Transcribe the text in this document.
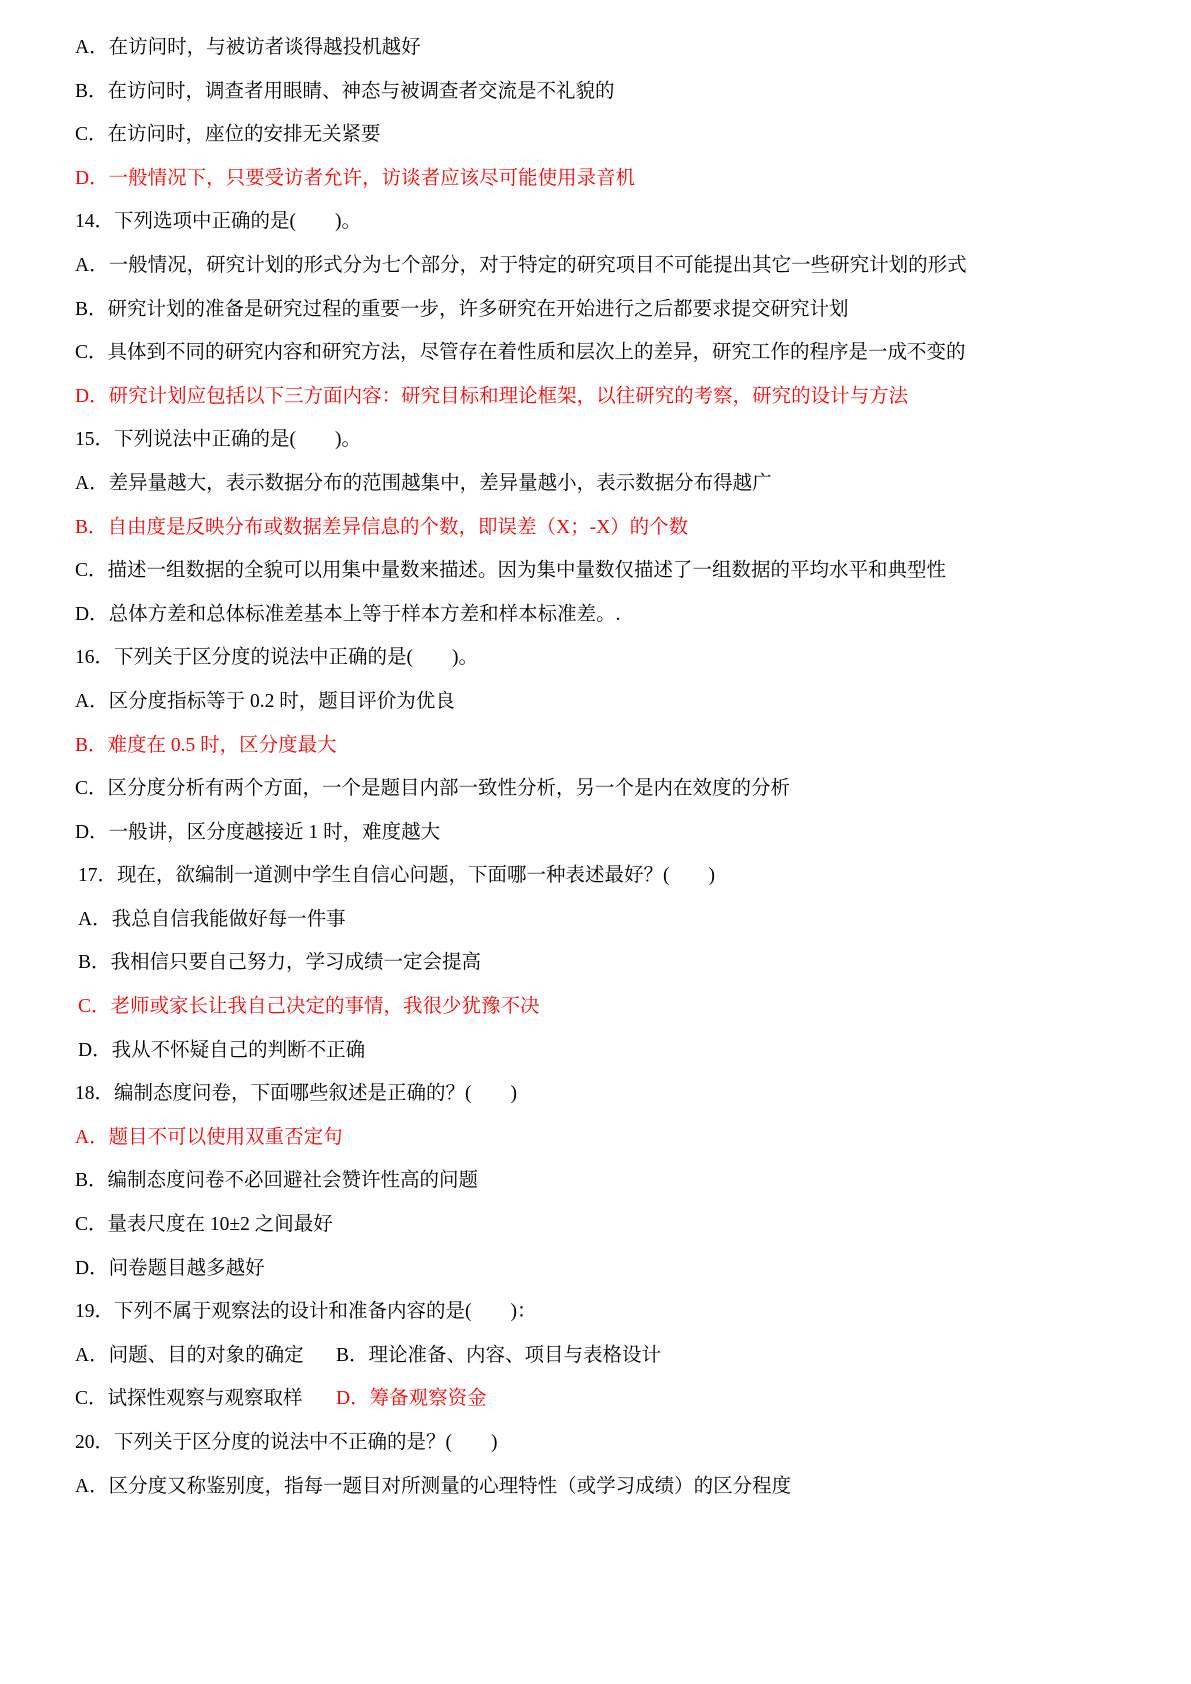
A．在访问时，与被访者谈得越投机越好
B．在访问时，调查者用眼睛、神态与被调查者交流是不礼貌的
C．在访问时，座位的安排无关紧要
D．一般情况下，只要受访者允许，访谈者应该尽可能使用录音机
14．下列选项中正确的是(　　)。
A．一般情况，研究计划的形式分为七个部分，对于特定的研究项目不可能提出其它一些研究计划的形式
B．研究计划的准备是研究过程的重要一步，许多研究在开始进行之后都要求提交研究计划
C．具体到不同的研究内容和研究方法，尽管存在着性质和层次上的差异，研究工作的程序是一成不变的
D．研究计划应包括以下三方面内容：研究目标和理论框架，以往研究的考察，研究的设计与方法
15．下列说法中正确的是(　　)。
A．差异量越大，表示数据分布的范围越集中，差异量越小，表示数据分布得越广
B．自由度是反映分布或数据差异信息的个数，即误差（X；-X）的个数
C．描述一组数据的全貌可以用集中量数来描述。因为集中量数仅描述了一组数据的平均水平和典型性
D．总体方差和总体标准差基本上等于样本方差和样本标准差。.
16．下列关于区分度的说法中正确的是(　　)。
A．区分度指标等于 0.2 时，题目评价为优良
B．难度在 0.5 时，区分度最大
C．区分度分析有两个方面，一个是题目内部一致性分析，另一个是内在效度的分析
D．一般讲，区分度越接近 1 时，难度越大
17．现在，欲编制一道测中学生自信心问题，下面哪一种表述最好？(　　)
A．我总自信我能做好每一件事
B．我相信只要自己努力，学习成绩一定会提高
C．老师或家长让我自己决定的事情，我很少犹豫不决
D．我从不怀疑自己的判断不正确
18．编制态度问卷，下面哪些叙述是正确的？(　　)
A．题目不可以使用双重否定句
B．编制态度问卷不必回避社会赞许性高的问题
C．量表尺度在 10±2 之间最好
D．问卷题目越多越好
19．下列不属于观察法的设计和准备内容的是(　　)：
A．问题、目的对象的确定 B．理论准备、内容、项目与表格设计
C．试探性观察与观察取样 D．筹备观察资金
20．下列关于区分度的说法中不正确的是？(　　)
A．区分度又称鉴别度，指每一题目对所测量的心理特性（或学习成绩）的区分程度
